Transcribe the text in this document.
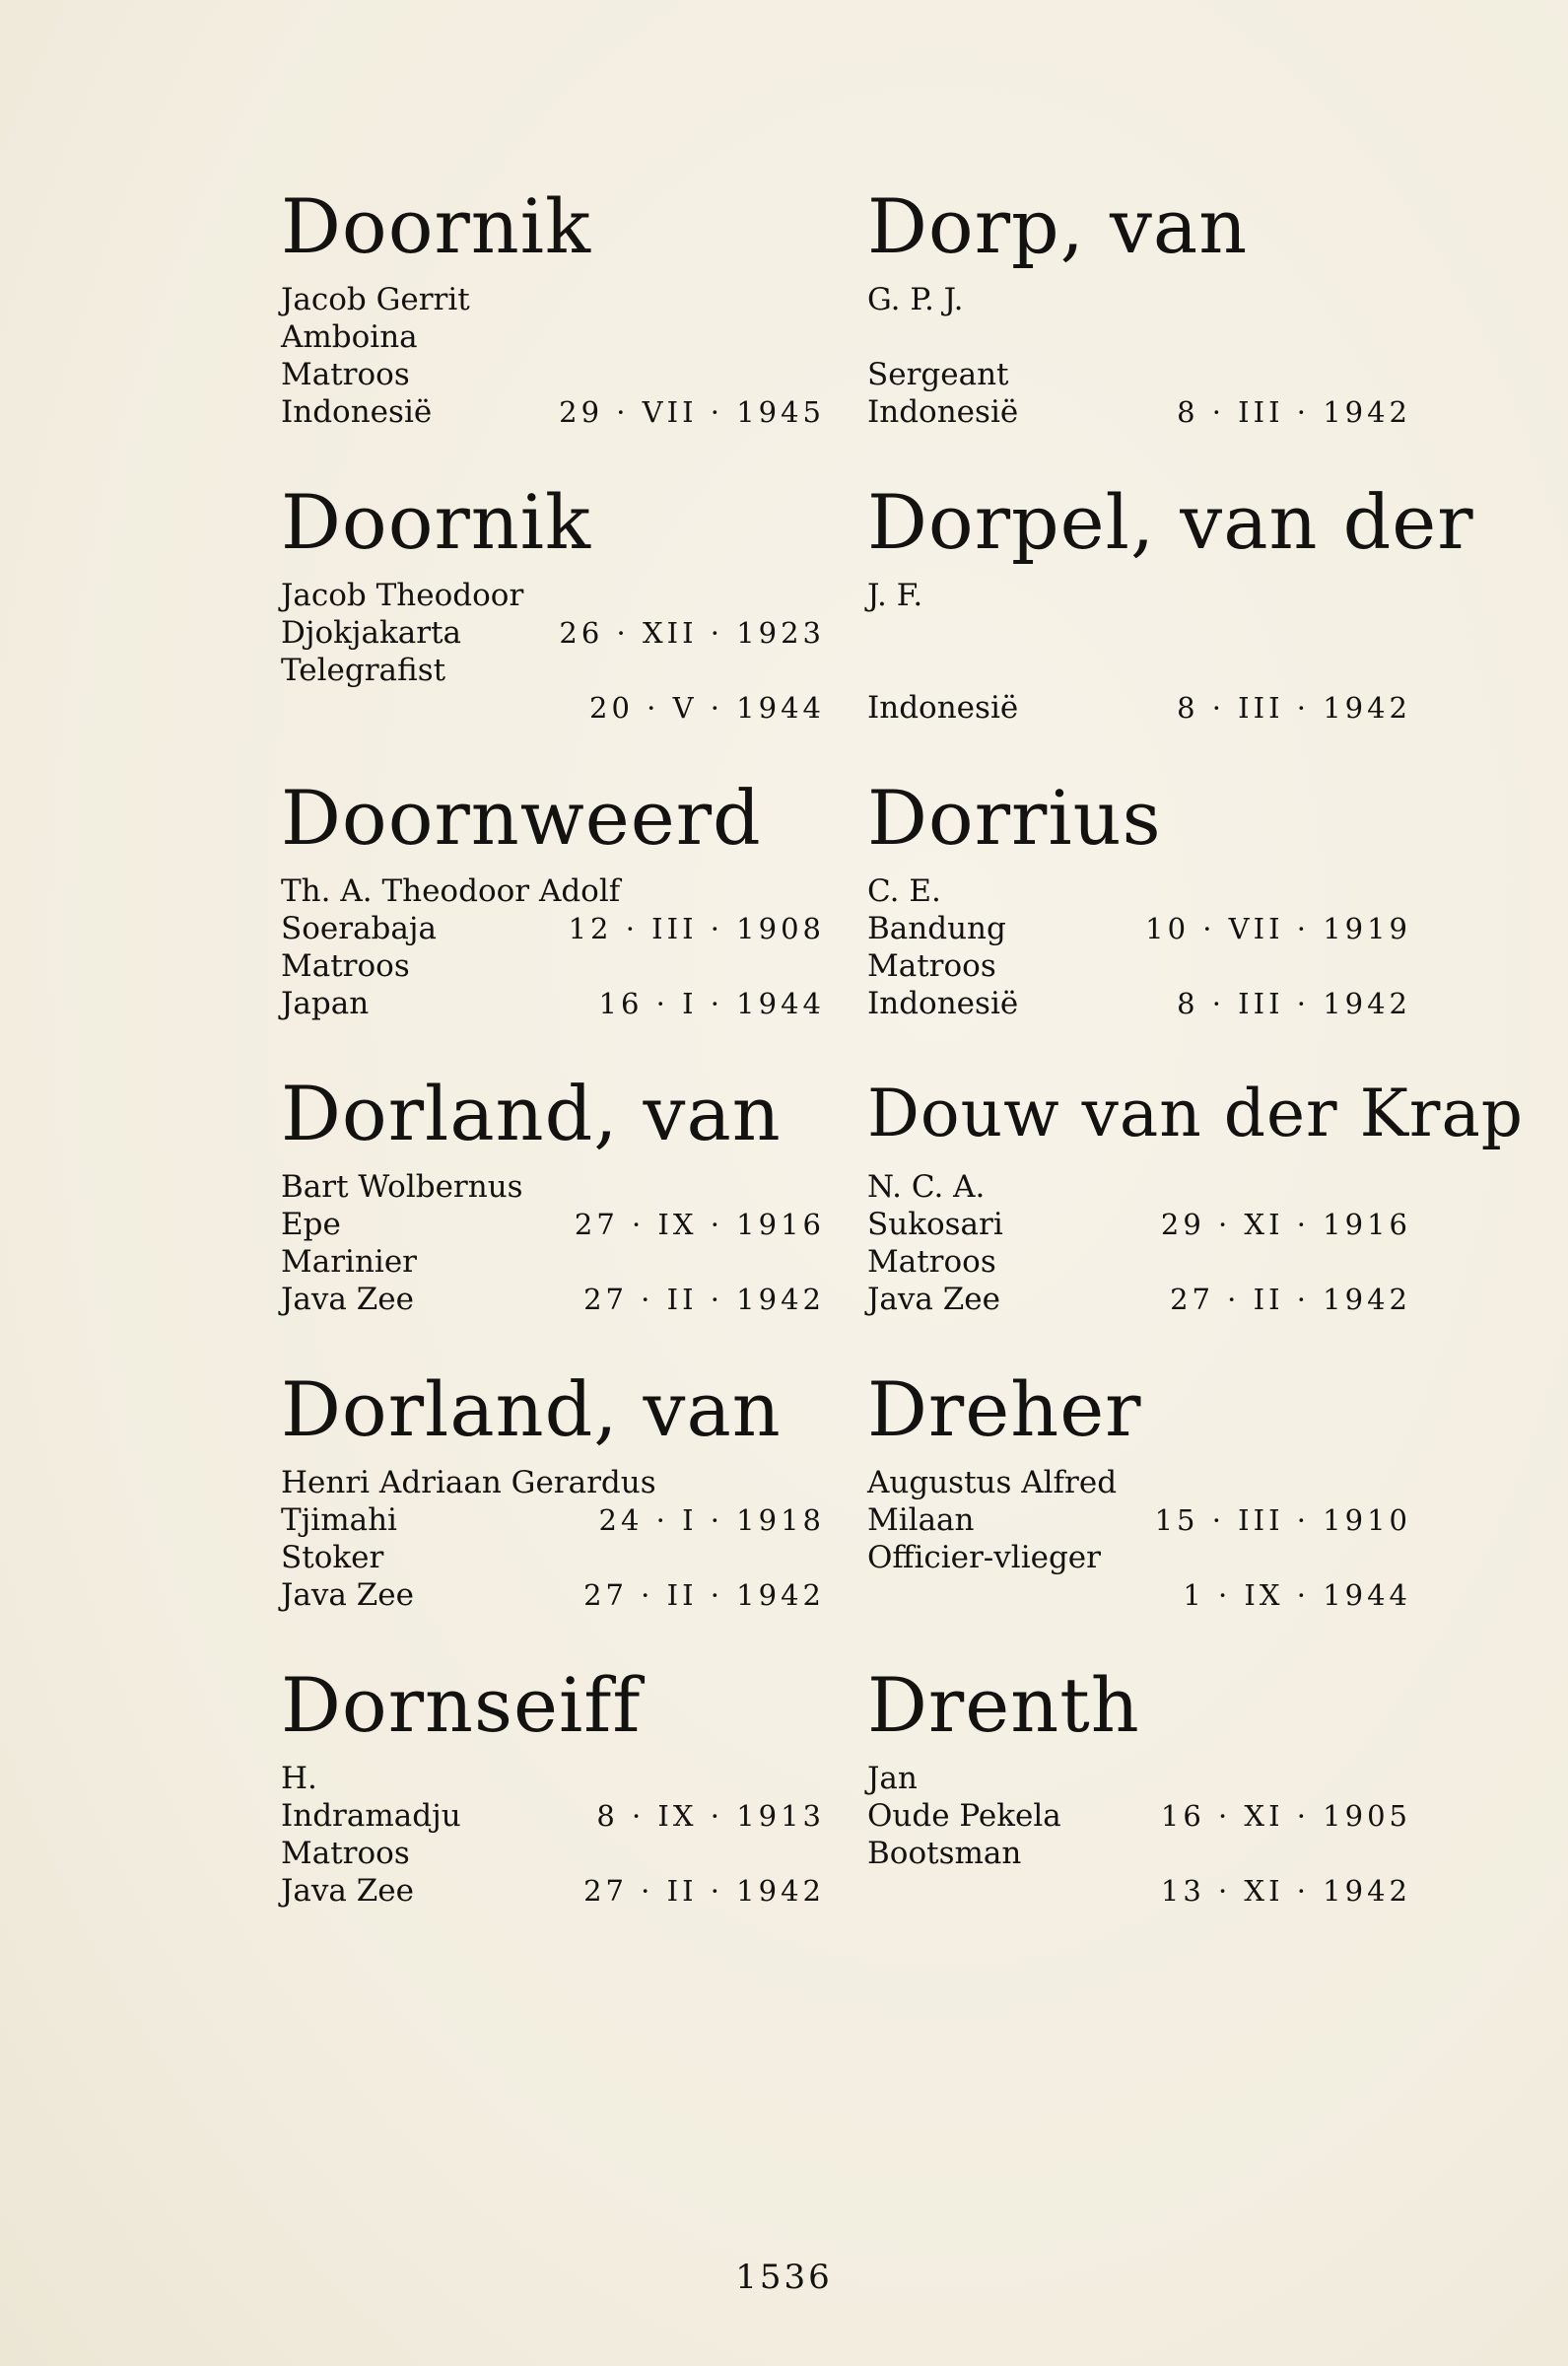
Doornik
Jacob Gerrit
Amboina
Matroos
Indonesië	29 · VII · 1945
Doornik
Jacob Theodoor
Djokjakarta	26 · XII · 1923
Telegrafist
20 · V · 1944
Doornweerd
Th. A. Theodoor Adolf
Soerabaja	12 · III · 1908
Matroos
Japan	16 · I · 1944
Dorland, van
Bart Wolbernus
Epe	27 · IX · 1916
Marinier
Java Zee	27 · II · 1942
Dorland, van
Henri Adriaan Gerardus
Tjimahi	24 · I · 1918
Stoker
Java Zee	27 · II · 1942
Dornseiff
H.
Indramadju	8 · IX · 1913
Matroos
Java Zee	27 · II · 1942
Dorp, van
G. P. J.
Sergeant
Indonesië	8 · III · 1942
Dorpel, van der
J. F.
Indonesië	8 · III · 1942
Dorrius
C. E.
Bandung	10 · VII · 1919
Matroos
Indonesië	8 · III · 1942
Douw van der Krap
N. C. A.
Sukosari	29 · XI · 1916
Matroos
Java Zee	27 · II · 1942
Dreher
Augustus Alfred
Milaan	15 · III · 1910
Officier-vlieger
1 · IX · 1944
Drenth
Jan
Oude Pekela	16 · XI · 1905
Bootsman
13 · XI · 1942
1536
